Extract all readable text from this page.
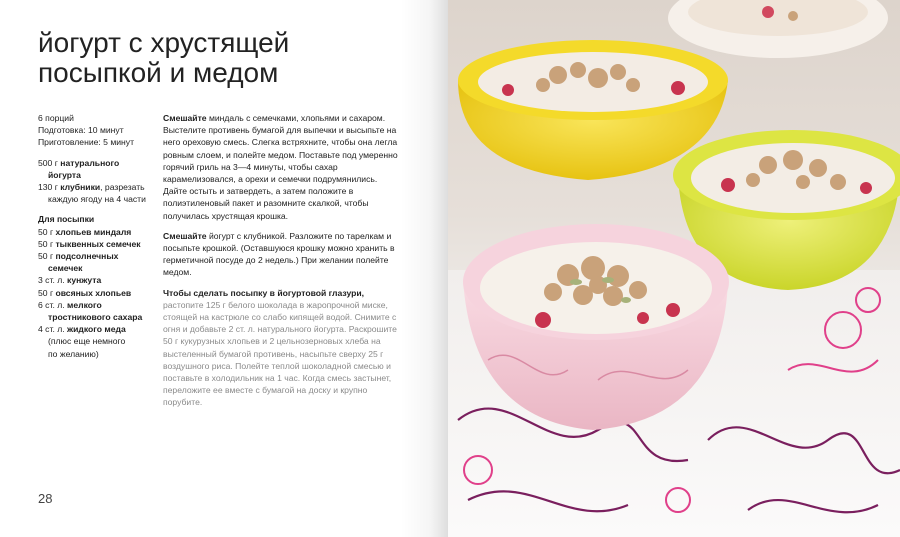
йогурт с хрустящей посыпкой и медом
6 порций
Подготовка: 10 минут
Приготовление: 5 минут
500 г натурального
йогурта
130 г клубники, разрезать
каждую ягоду на 4 части
Для посыпки
50 г хлопьев миндаля
50 г тыквенных семечек
50 г подсолнечных
семечек
3 ст. л. кунжута
50 г овсяных хлопьев
6 ст. л. мелкого
тростникового сахара
4 ст. л. жидкого меда
(плюс еще немного
по желанию)

Смешайте миндаль с семечками, хлопьями и сахаром. Выстелите противень бумагой для выпечки и высыпьте на него ореховую смесь. Слегка встряхните, чтобы она легла ровным слоем, и полейте медом. Поставьте под умеренно горячий гриль на 3—4 минуты, чтобы сахар карамелизовался, а орехи и семечки подрумянились. Дайте остыть и затвердеть, а затем положите в полиэтиленовый пакет и разомните скалкой, чтобы получилась хрустящая крошка.

Смешайте йогурт с клубникой. Разложите по тарелкам и посыпьте крошкой. (Оставшуюся крошку можно хранить в герметичной посуде до 2 недель.) При желании полейте медом.

Чтобы сделать посыпку в йогуртовой глазури, растопите 125 г белого шоколада в жаропрочной миске, стоящей на кастрюле со слабо кипящей водой. Снимите с огня и добавьте 2 ст. л. натурального йогурта. Раскрошите 50 г кукурузных хлопьев и 2 цельнозерновых хлеба на выстеленный бумагой противень, насыпьте сверху 25 г воздушного риса. Полейте теплой шоколадной смесью и поставьте в холодильник на 1 час. Когда смесь застынет, переложите ее вместе с бумагой на доску и крупно порубите.

28
